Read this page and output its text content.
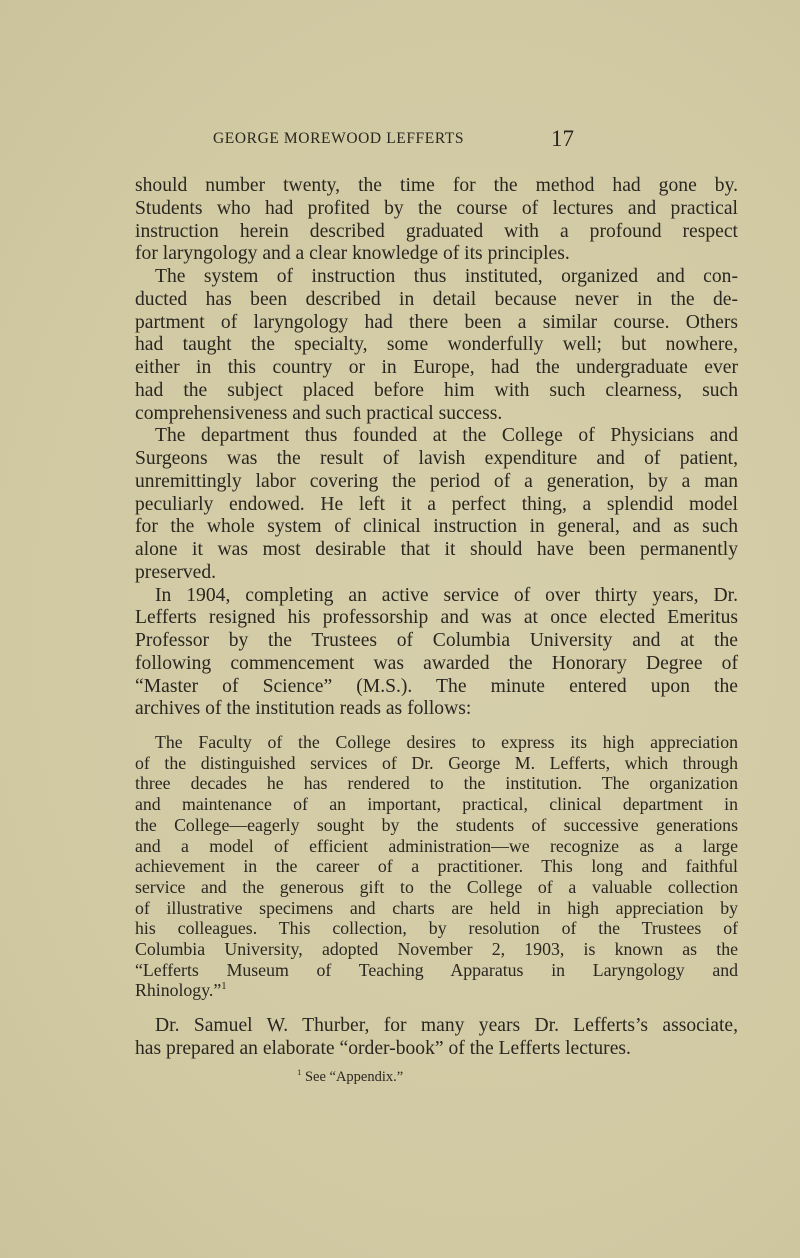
GEORGE MOREWOOD LEFFERTS	17
should number twenty, the time for the method had gone by.
Students who had profited by the course of lectures and practical
instruction herein described graduated with a profound respect
for laryngology and a clear knowledge of its principles.
The system of instruction thus instituted, organized and con-
ducted has been described in detail because never in the de-
partment of laryngology had there been a similar course. Others
had taught the specialty, some wonderfully well; but nowhere,
either in this country or in Europe, had the undergraduate ever
had the subject placed before him with such clearness, such
comprehensiveness and such practical success.
The department thus founded at the College of Physicians and
Surgeons was the result of lavish expenditure and of patient,
unremittingly labor covering the period of a generation, by a man
peculiarly endowed. He left it a perfect thing, a splendid model
for the whole system of clinical instruction in general, and as such
alone it was most desirable that it should have been permanently
preserved.
In 1904, completing an active service of over thirty years, Dr.
Lefferts resigned his professorship and was at once elected Emeritus
Professor by the Trustees of Columbia University and at the
following commencement was awarded the Honorary Degree of
“Master of Science” (M.S.). The minute entered upon the
archives of the institution reads as follows:
The Faculty of the College desires to express its high appreciation
of the distinguished services of Dr. George M. Lefferts, which through
three decades he has rendered to the institution. The organization
and maintenance of an important, practical, clinical department in
the College—eagerly sought by the students of successive generations
and a model of efficient administration—we recognize as a large
achievement in the career of a practitioner. This long and faithful
service and the generous gift to the College of a valuable collection
of illustrative specimens and charts are held in high appreciation by
his colleagues. This collection, by resolution of the Trustees of
Columbia University, adopted November 2, 1903, is known as the
“Lefferts Museum of Teaching Apparatus in Laryngology and
Rhinology.”$^1$
Dr. Samuel W. Thurber, for many years Dr. Lefferts’s associate,
has prepared an elaborate “order-book” of the Lefferts lectures.
$^1$ See “Appendix.”
